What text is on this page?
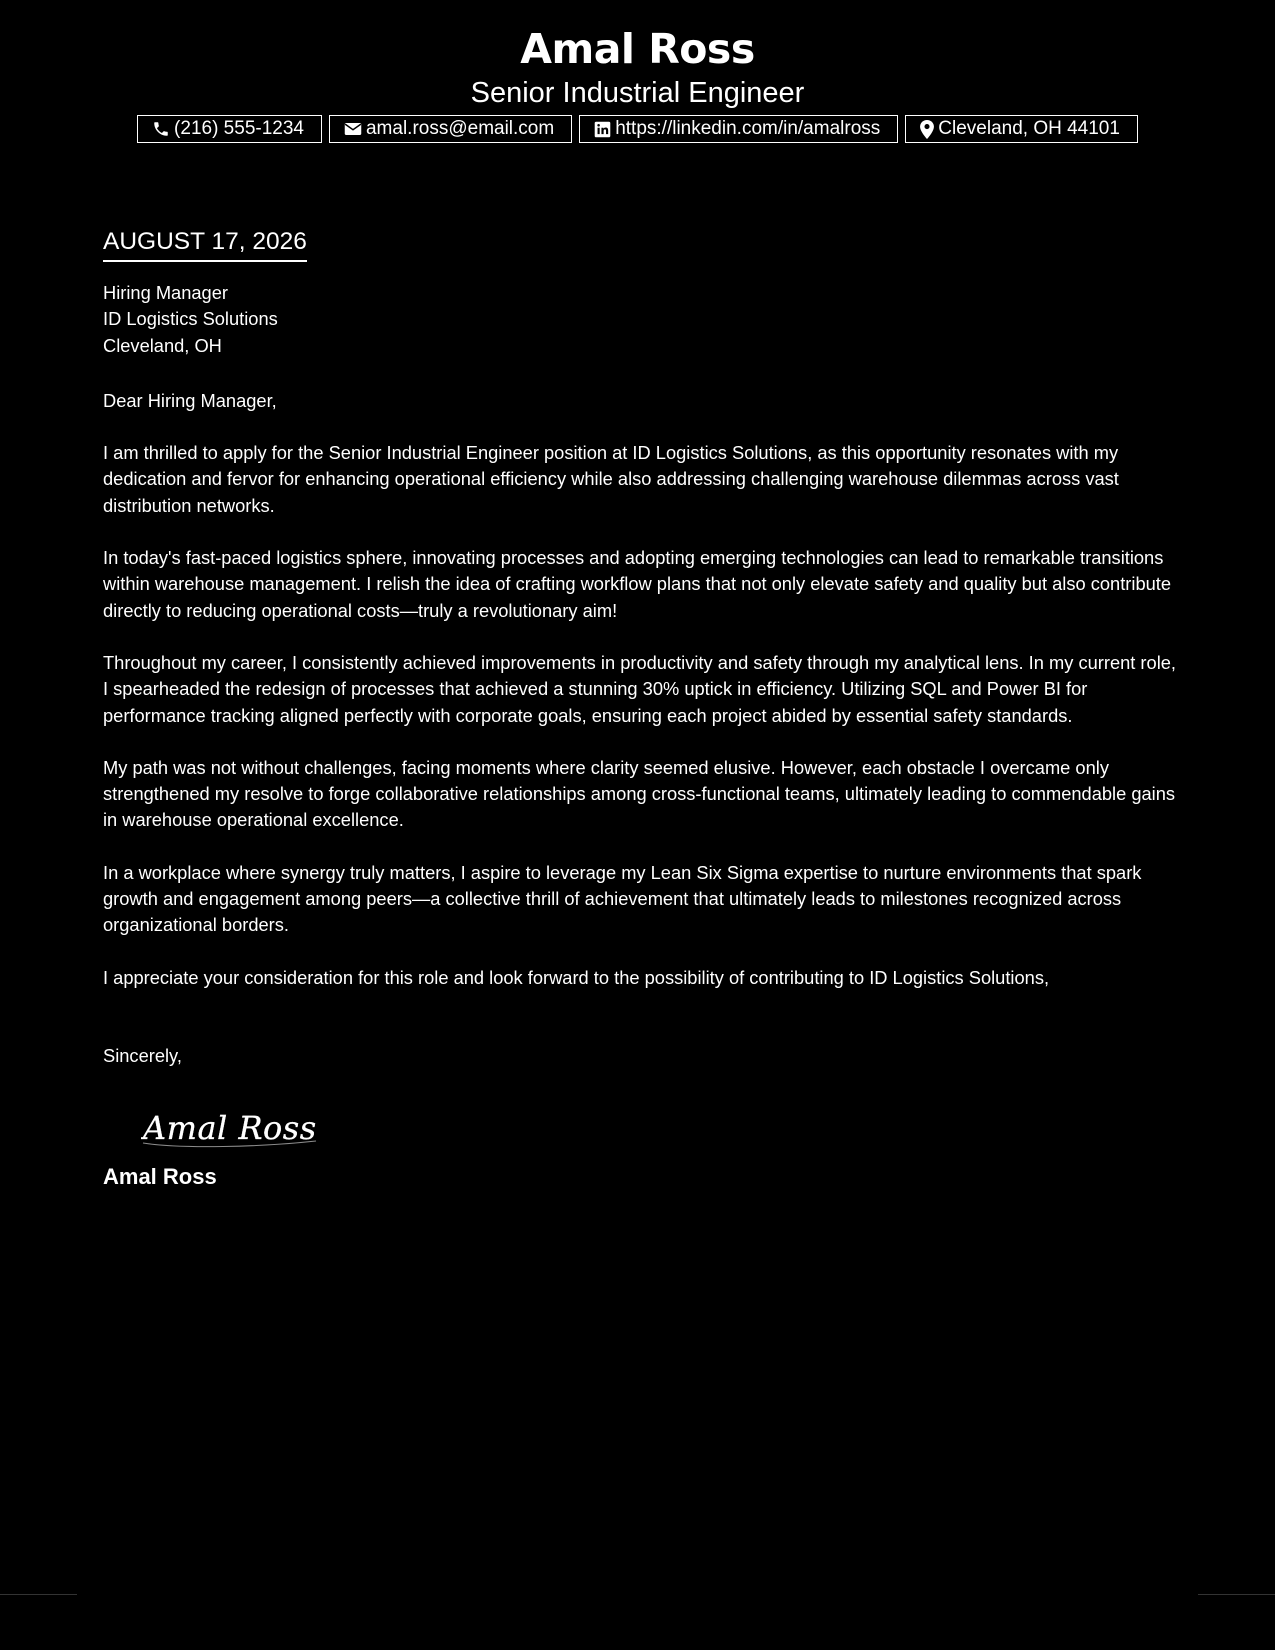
Amal Ross
Senior Industrial Engineer
(216) 555-1234	amal.ross@email.com	https://linkedin.com/in/amalross	Cleveland, OH 44101
AUGUST 17, 2026
Hiring Manager
ID Logistics Solutions
Cleveland, OH
Dear Hiring Manager,
I am thrilled to apply for the Senior Industrial Engineer position at ID Logistics Solutions, as this opportunity resonates with my dedication and fervor for enhancing operational efficiency while also addressing challenging warehouse dilemmas across vast distribution networks.
In today's fast-paced logistics sphere, innovating processes and adopting emerging technologies can lead to remarkable transitions within warehouse management. I relish the idea of crafting workflow plans that not only elevate safety and quality but also contribute directly to reducing operational costs—truly a revolutionary aim!
Throughout my career, I consistently achieved improvements in productivity and safety through my analytical lens. In my current role, I spearheaded the redesign of processes that achieved a stunning 30% uptick in efficiency. Utilizing SQL and Power BI for performance tracking aligned perfectly with corporate goals, ensuring each project abided by essential safety standards.
My path was not without challenges, facing moments where clarity seemed elusive. However, each obstacle I overcame only strengthened my resolve to forge collaborative relationships among cross-functional teams, ultimately leading to commendable gains in warehouse operational excellence.
In a workplace where synergy truly matters, I aspire to leverage my Lean Six Sigma expertise to nurture environments that spark growth and engagement among peers—a collective thrill of achievement that ultimately leads to milestones recognized across organizational borders.
I appreciate your consideration for this role and look forward to the possibility of contributing to ID Logistics Solutions,
Sincerely,
Amal Ross
Amal Ross
